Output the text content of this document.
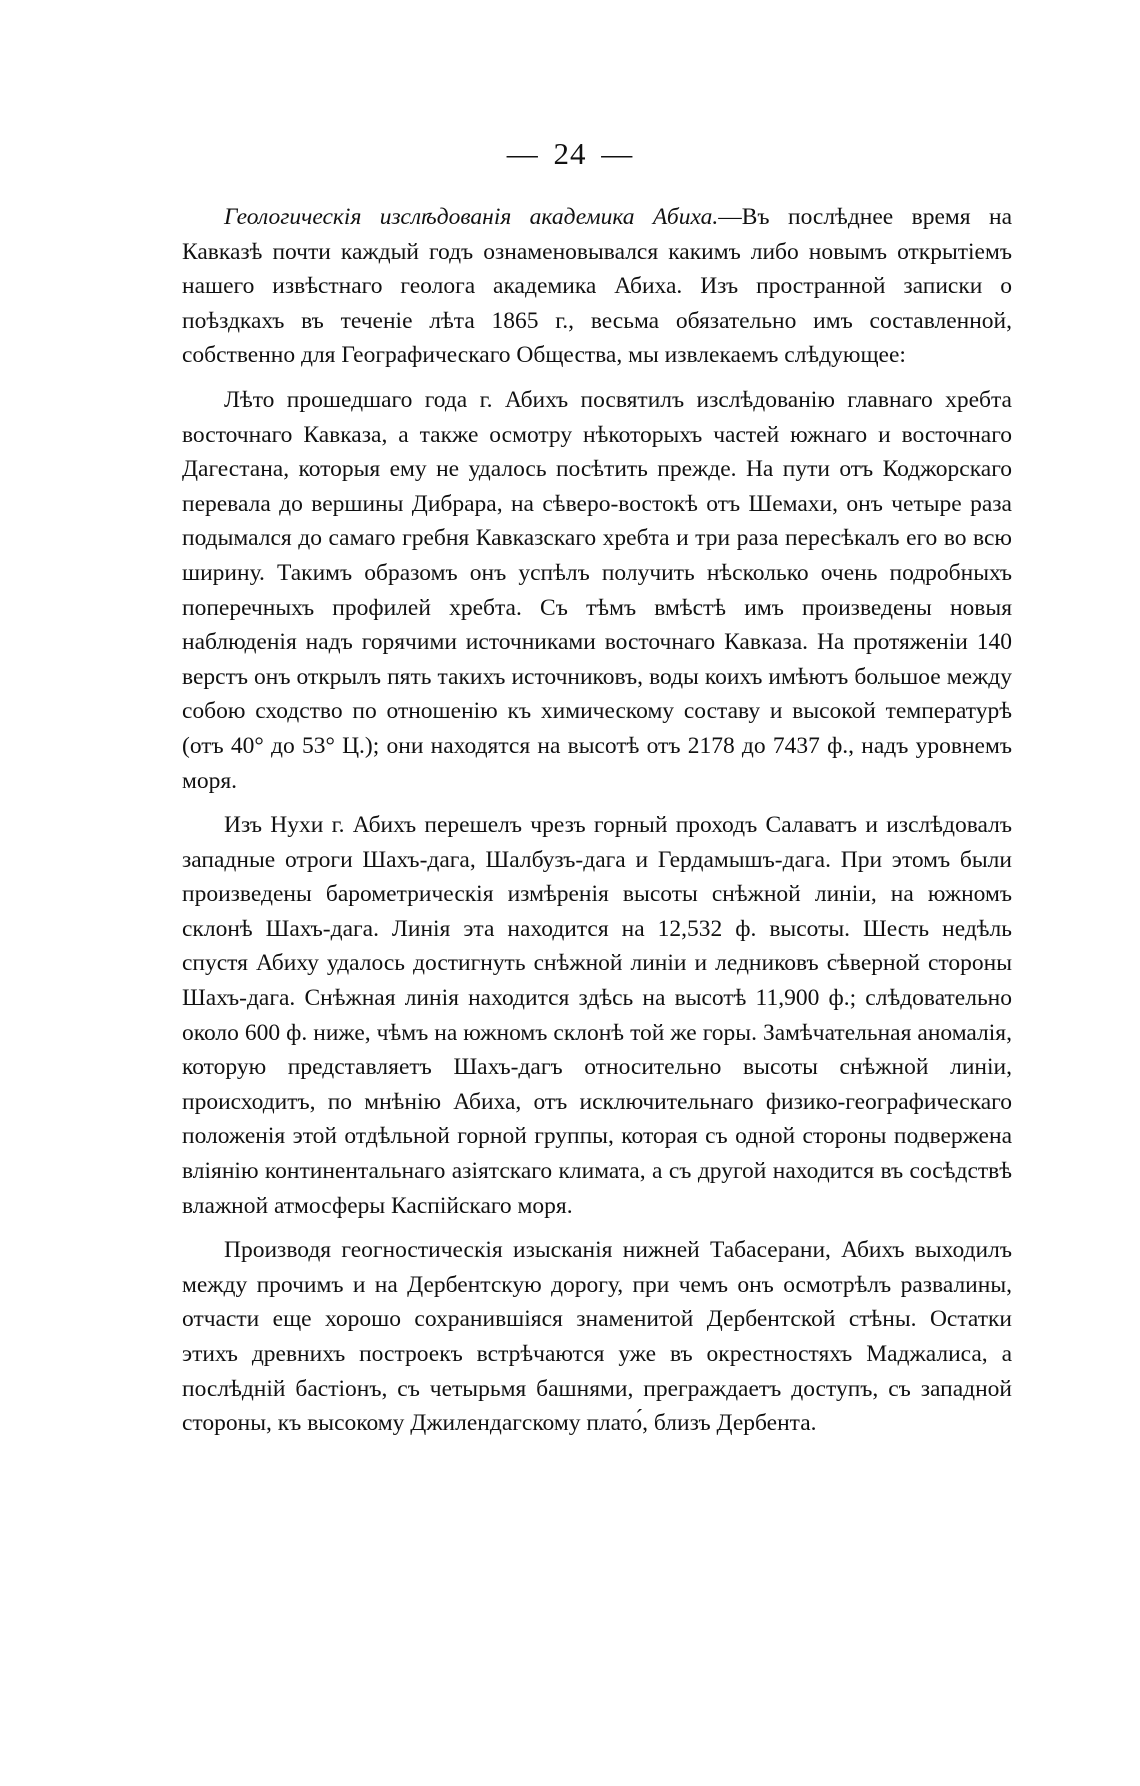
— 24 —

Геологическія изслѣдованія академика Абиха.—Въ послѣднее время на Кавказѣ почти каждый годъ ознаменовывался какимъ либо новымъ открытіемъ нашего извѣстнаго геолога академика Абиха. Изъ пространной записки о поѣздкахъ въ теченіе лѣта 1865 г., весьма обязательно имъ составленной, собственно для Географическаго Общества, мы извлекаемъ слѣдующее:

Лѣто прошедшаго года г. Абихъ посвятилъ изслѣдованію главнаго хребта восточнаго Кавказа, а также осмотру нѣкоторыхъ частей южнаго и восточнаго Дагестана, которыя ему не удалось посѣтить прежде. На пути отъ Коджорскаго перевала до вершины Дибрара, на сѣверо-востокѣ отъ Шемахи, онъ четыре раза подымался до самаго гребня Кавказскаго хребта и три раза пересѣкалъ его во всю ширину. Такимъ образомъ онъ успѣлъ получить нѣсколько очень подробныхъ поперечныхъ профилей хребта. Съ тѣмъ вмѣстѣ имъ произведены новыя наблюденія надъ горячими источниками восточнаго Кавказа. На протяженіи 140 верстъ онъ открылъ пять такихъ источниковъ, воды коихъ имѣютъ большое между собою сходство по отношенію къ химическому составу и высокой температурѣ (отъ 40° до 53° Ц.); они находятся на высотѣ отъ 2178 до 7437 ф., надъ уровнемъ моря.

Изъ Нухи г. Абихъ перешелъ чрезъ горный проходъ Салаватъ и изслѣдовалъ западные отроги Шахъ-дага, Шалбузъ-дага и Гердамышъ-дага. При этомъ были произведены барометрическія измѣренія высоты снѣжной линіи, на южномъ склонѣ Шахъ-дага. Линія эта находится на 12,532 ф. высоты. Шесть недѣль спустя Абиху удалось достигнуть снѣжной линіи и ледниковъ сѣверной стороны Шахъ-дага. Снѣжная линія находится здѣсь на высотѣ 11,900 ф.; слѣдовательно около 600 ф. ниже, чѣмъ на южномъ склонѣ той же горы. Замѣчательная аномалія, которую представляетъ Шахъ-дагъ относительно высоты снѣжной линіи, происходитъ, по мнѣнію Абиха, отъ исключительнаго физико-географическаго положенія этой отдѣльной горной группы, которая съ одной стороны подвержена вліянію континентальнаго азіятскаго климата, а съ другой находится въ сосѣдствѣ влажной атмосферы Каспійскаго моря.

Производя геогностическія изысканія нижней Табасерани, Абихъ выходилъ между прочимъ и на Дербентскую дорогу, при чемъ онъ осмотрѣлъ развалины, отчасти еще хорошо сохранившіяся знаменитой Дербентской стѣны. Остатки этихъ древнихъ построекъ встрѣчаются уже въ окрестностяхъ Маджалиса, а послѣдній бастіонъ, съ четырьмя башнями, преграждаетъ доступъ, съ западной стороны, къ высокому Джилендагскому плато́, близъ Дербента.
